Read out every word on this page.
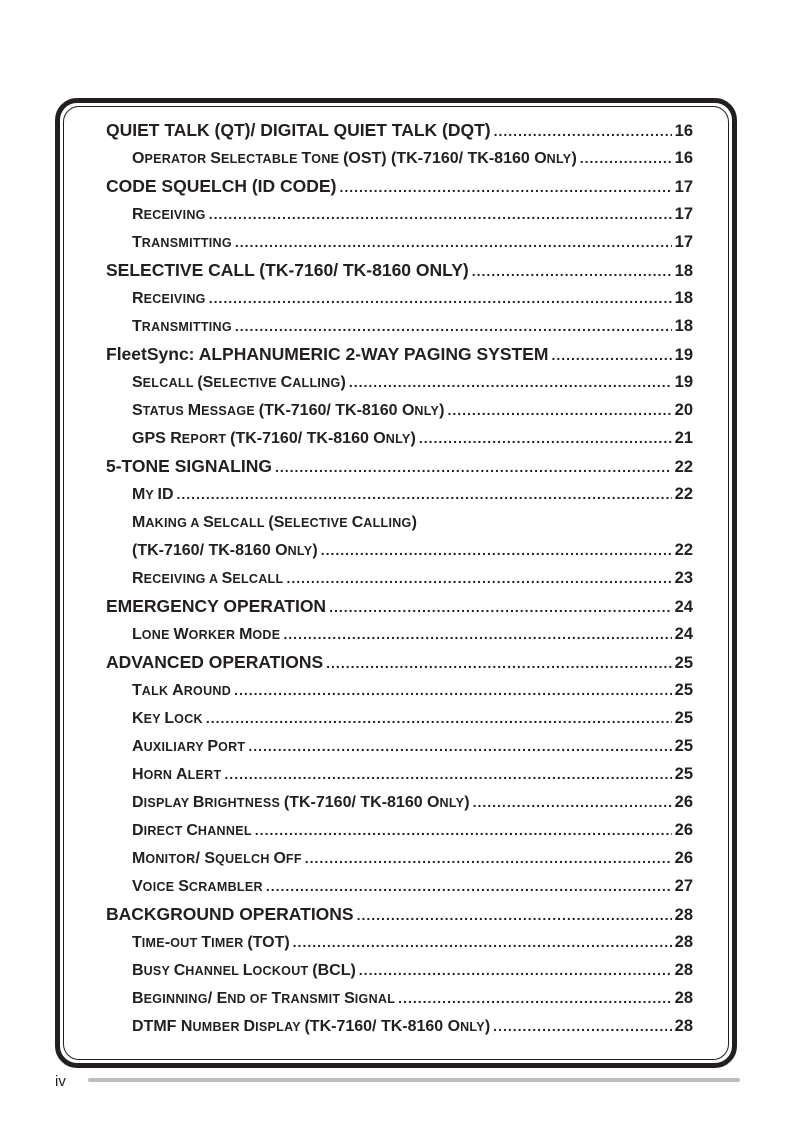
QUIET TALK (QT)/ DIGITAL QUIET TALK (DQT) .....	16
OPERATOR SELECTABLE TONE (OST) (TK-7160/ TK-8160 ONLY) .....	16
CODE SQUELCH (ID CODE) .....	17
RECEIVING .....	17
TRANSMITTING .....	17
SELECTIVE CALL (TK-7160/ TK-8160 ONLY) .....	18
RECEIVING .....	18
TRANSMITTING .....	18
FleetSync: ALPHANUMERIC 2-WAY PAGING SYSTEM .....	19
SELCALL (SELECTIVE CALLING) .....	19
STATUS MESSAGE (TK-7160/ TK-8160 ONLY) .....	20
GPS REPORT (TK-7160/ TK-8160 ONLY) .....	21
5-TONE SIGNALING .....	22
MY ID .....	22
MAKING A SELCALL (SELECTIVE CALLING)
(TK-7160/ TK-8160 ONLY) .....	22
RECEIVING A SELCALL .....	23
EMERGENCY OPERATION .....	24
LONE WORKER MODE .....	24
ADVANCED OPERATIONS .....	25
TALK AROUND .....	25
KEY LOCK .....	25
AUXILIARY PORT .....	25
HORN ALERT .....	25
DISPLAY BRIGHTNESS (TK-7160/ TK-8160 ONLY) .....	26
DIRECT CHANNEL .....	26
MONITOR/ SQUELCH OFF .....	26
VOICE SCRAMBLER .....	27
BACKGROUND OPERATIONS .....	28
TIME-OUT TIMER (TOT) .....	28
BUSY CHANNEL LOCKOUT (BCL) .....	28
BEGINNING/ END OF TRANSMIT SIGNAL .....	28
DTMF NUMBER DISPLAY (TK-7160/ TK-8160 ONLY) .....	28
iv
